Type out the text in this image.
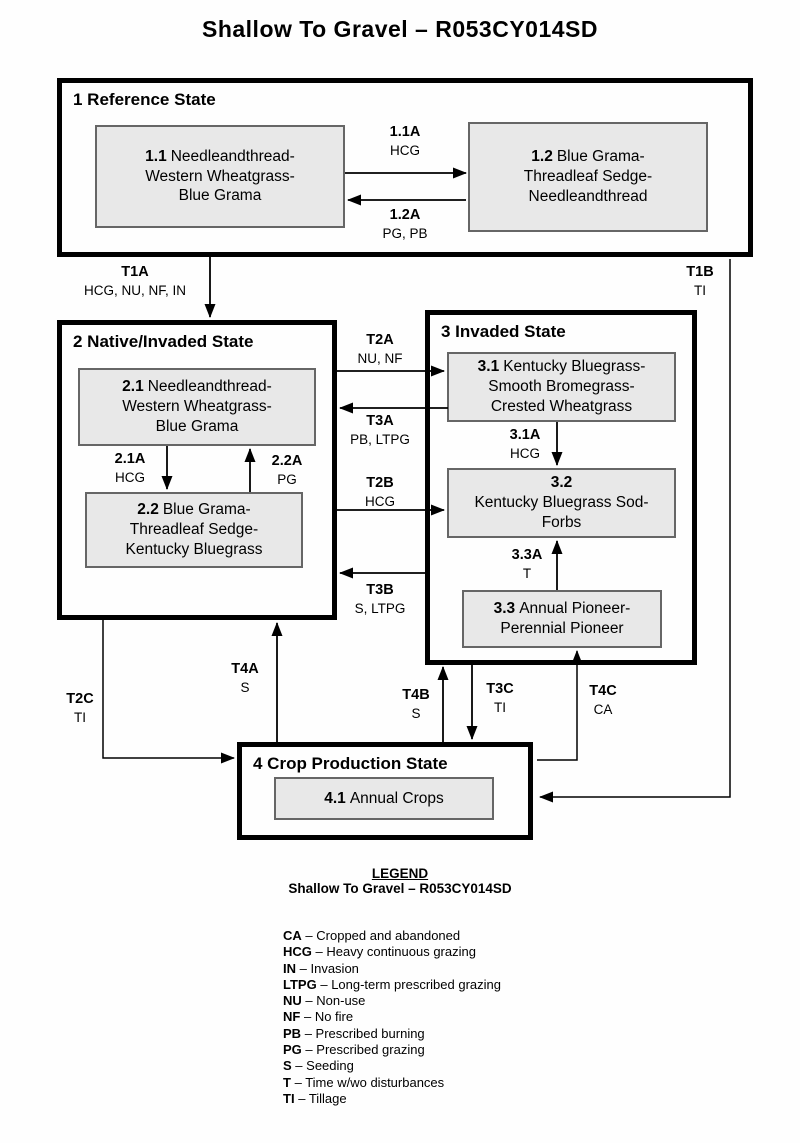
Shallow To Gravel – R053CY014SD
1 Reference State
1.1 Needleandthread-Western Wheatgrass-Blue Grama
1.2 Blue Grama-Threadleaf Sedge-Needleandthread
2 Native/Invaded State
2.1 Needleandthread-Western Wheatgrass-Blue Grama
2.2 Blue Grama-Threadleaf Sedge-Kentucky Bluegrass
3 Invaded State
3.1 Kentucky Bluegrass-Smooth Bromegrass-Crested Wheatgrass
3.2
Kentucky Bluegrass Sod-Forbs
3.3 Annual Pioneer-Perennial Pioneer
4 Crop Production State
4.1 Annual Crops
1.1A
HCG
1.2A
PG, PB
T1A
HCG, NU, NF, IN
T1B
TI
T2A
NU, NF
T3A
PB, LTPG
T2B
HCG
T3B
S, LTPG
2.1A
HCG
2.2A
PG
3.1A
HCG
3.3A
T
T2C
TI
T4A
S	T4B
S
T3C
TI
T4C
CA
LEGEND
Shallow To Gravel – R053CY014SD
CA – Cropped and abandoned
HCG – Heavy continuous grazing
IN – Invasion
LTPG – Long-term prescribed grazing
NU – Non-use
NF – No fire
PB – Prescribed burning
PG – Prescribed grazing
S – Seeding
T – Time w/wo disturbances
TI – Tillage
